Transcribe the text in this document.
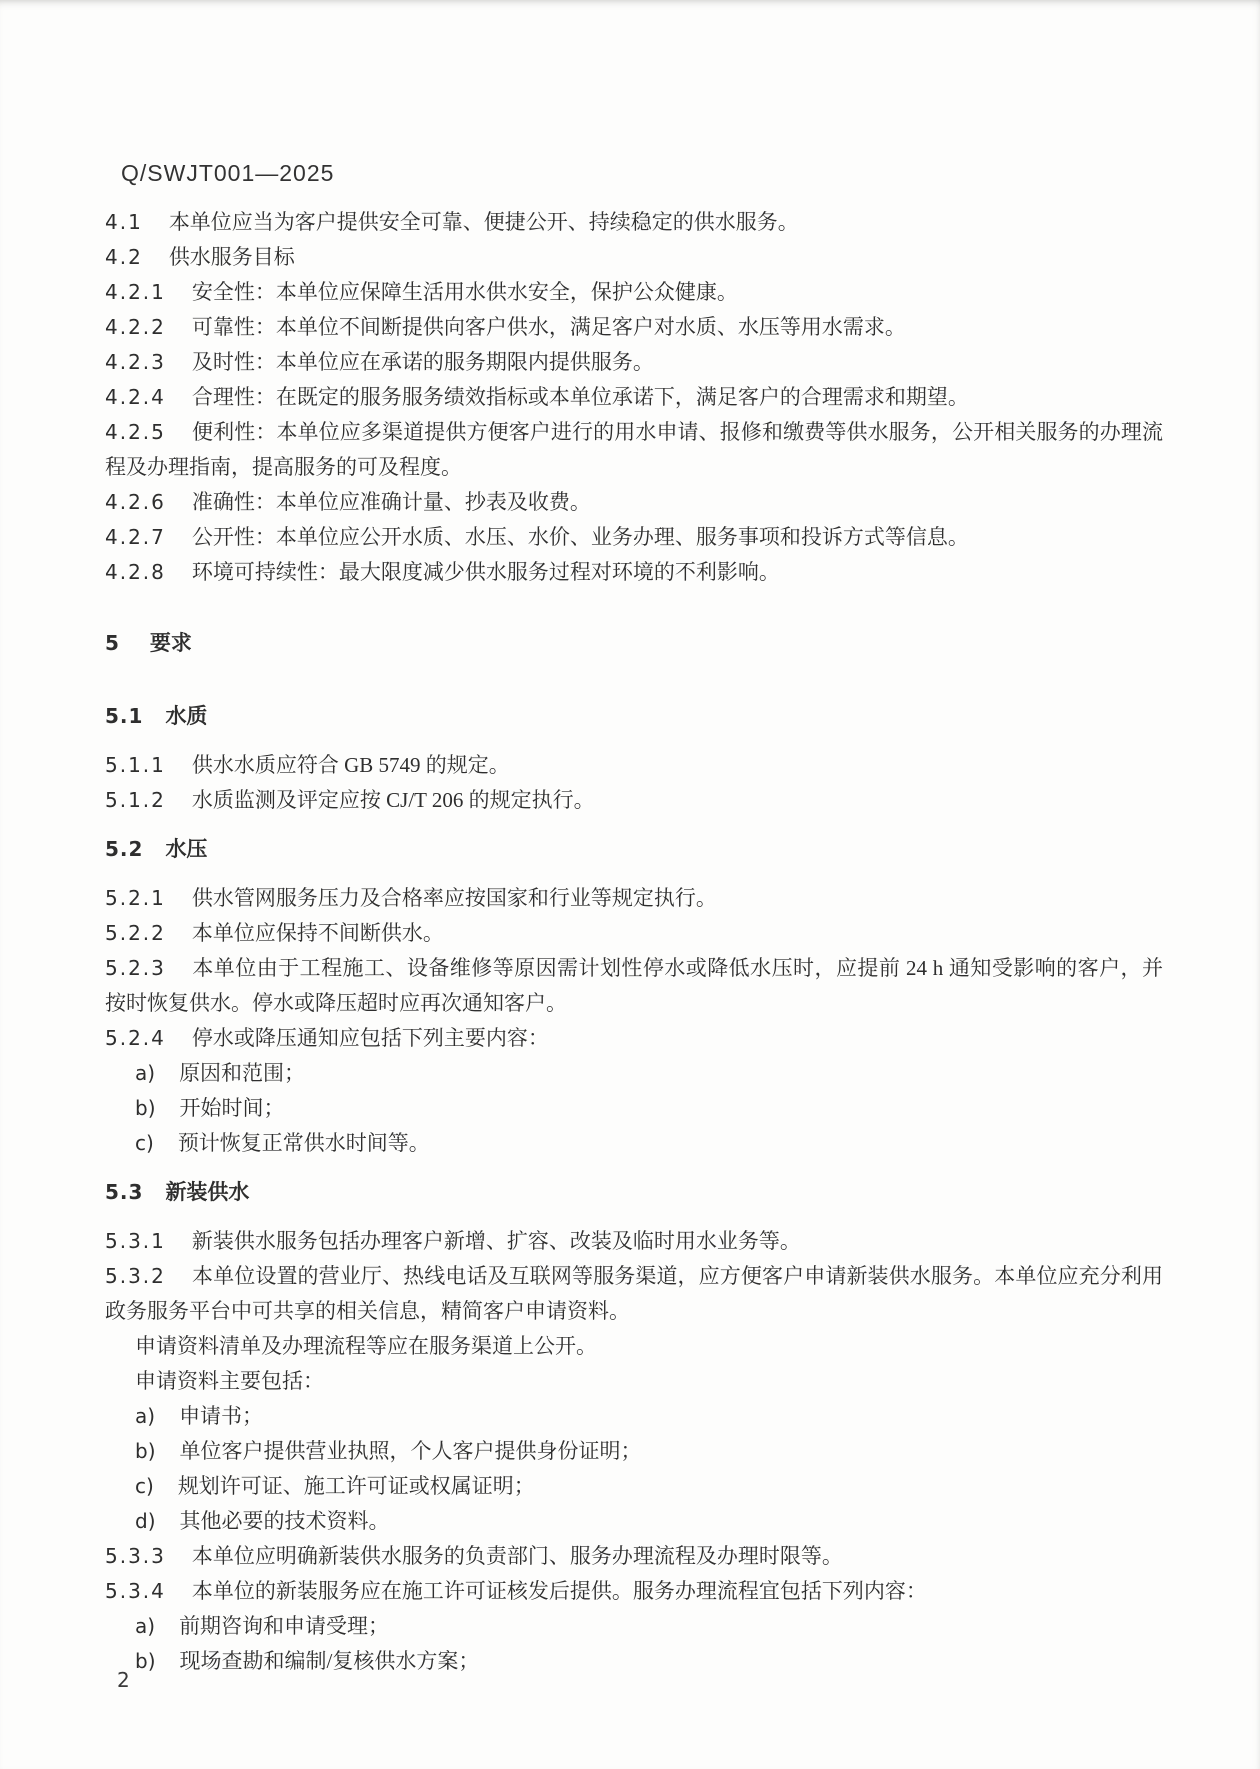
Q/SWJT001—2025

4.1 本单位应当为客户提供安全可靠、便捷公开、持续稳定的供水服务。

4.2 供水服务目标

4.2.1 安全性：本单位应保障生活用水供水安全，保护公众健康。

4.2.2 可靠性：本单位不间断提供向客户供水，满足客户对水质、水压等用水需求。

4.2.3 及时性：本单位应在承诺的服务期限内提供服务。

4.2.4 合理性：在既定的服务服务绩效指标或本单位承诺下，满足客户的合理需求和期望。

4.2.5 便利性：本单位应多渠道提供方便客户进行的用水申请、报修和缴费等供水服务，公开相关服务的办理流程及办理指南，提高服务的可及程度。

4.2.6 准确性：本单位应准确计量、抄表及收费。

4.2.7 公开性：本单位应公开水质、水压、水价、业务办理、服务事项和投诉方式等信息。

4.2.8 环境可持续性：最大限度减少供水服务过程对环境的不利影响。

5 要求

5.1 水质

5.1.1 供水水质应符合 GB 5749 的规定。

5.1.2 水质监测及评定应按 CJ/T 206 的规定执行。

5.2 水压

5.2.1 供水管网服务压力及合格率应按国家和行业等规定执行。

5.2.2 本单位应保持不间断供水。

5.2.3 本单位由于工程施工、设备维修等原因需计划性停水或降低水压时，应提前 24 h 通知受影响的客户，并按时恢复供水。停水或降压超时应再次通知客户。

5.2.4 停水或降压通知应包括下列主要内容：

a) 原因和范围；

b) 开始时间；

c) 预计恢复正常供水时间等。

5.3 新装供水

5.3.1 新装供水服务包括办理客户新增、扩容、改装及临时用水业务等。

5.3.2 本单位设置的营业厅、热线电话及互联网等服务渠道，应方便客户申请新装供水服务。本单位应充分利用政务服务平台中可共享的相关信息，精简客户申请资料。

申请资料清单及办理流程等应在服务渠道上公开。

申请资料主要包括：

a) 申请书；

b) 单位客户提供营业执照，个人客户提供身份证明；

c) 规划许可证、施工许可证或权属证明；

d) 其他必要的技术资料。

5.3.3 本单位应明确新装供水服务的负责部门、服务办理流程及办理时限等。

5.3.4 本单位的新装服务应在施工许可证核发后提供。服务办理流程宜包括下列内容：

a) 前期咨询和申请受理；

b) 现场查勘和编制/复核供水方案；

2
